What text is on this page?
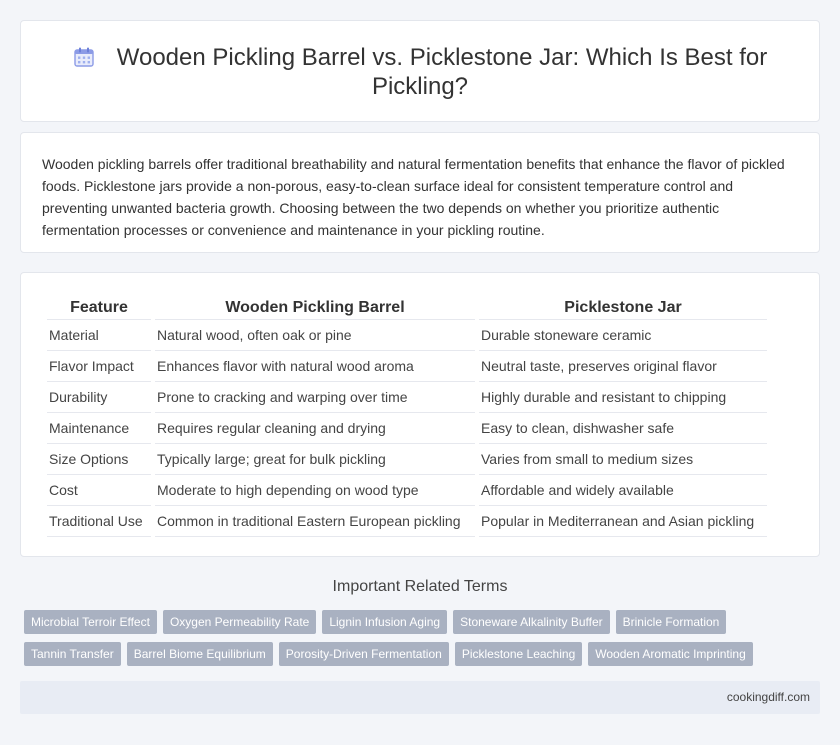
Wooden Pickling Barrel vs. Picklestone Jar: Which Is Best for Pickling?

Wooden pickling barrels offer traditional breathability and natural fermentation benefits that enhance the flavor of pickled foods. Picklestone jars provide a non-porous, easy-to-clean surface ideal for consistent temperature control and preventing unwanted bacteria growth. Choosing between the two depends on whether you prioritize authentic fermentation processes or convenience and maintenance in your pickling routine.

Feature	Wooden Pickling Barrel	Picklestone Jar
Material	Natural wood, often oak or pine	Durable stoneware ceramic
Flavor Impact	Enhances flavor with natural wood aroma	Neutral taste, preserves original flavor
Durability	Prone to cracking and warping over time	Highly durable and resistant to chipping
Maintenance	Requires regular cleaning and drying	Easy to clean, dishwasher safe
Size Options	Typically large; great for bulk pickling	Varies from small to medium sizes
Cost	Moderate to high depending on wood type	Affordable and widely available
Traditional Use	Common in traditional Eastern European pickling	Popular in Mediterranean and Asian pickling
Important Related Terms
Microbial Terroir Effect	Oxygen Permeability Rate	Lignin Infusion Aging	Stoneware Alkalinity Buffer	Brinicle Formation
Tannin Transfer	Barrel Biome Equilibrium	Porosity-Driven Fermentation	Picklestone Leaching	Wooden Aromatic Imprinting
cookingdiff.com
